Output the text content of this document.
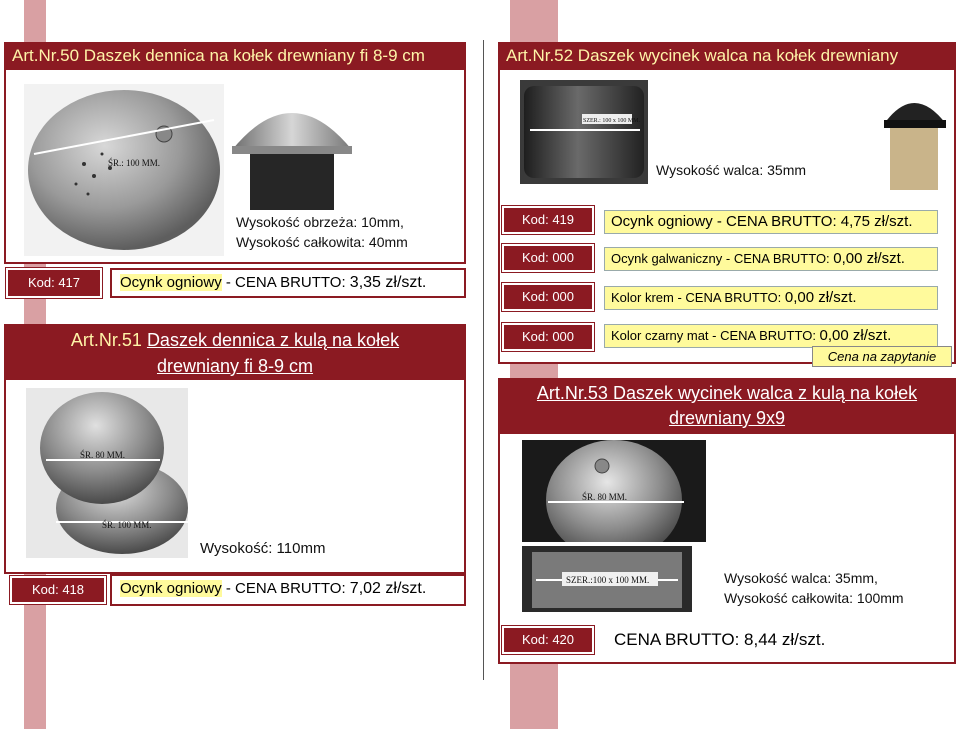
Art.Nr.50 Daszek dennica na kołek drewniany fi 8-9 cm
ŚR.: 100 MM.
Wysokość obrzeża: 10mm,
Wysokość całkowita: 40mm
Kod: 417	Ocynk ogniowy - CENA BRUTTO: 3,35 zł/szt.
Art.Nr.51 Daszek dennica z kulą na kołek
drewniany fi 8-9 cm
ŚR. 80 MM.
ŚR. 100 MM.
Wysokość: 110mm
Kod: 418	Ocynk ogniowy - CENA BRUTTO: 7,02 zł/szt.
Art.Nr.52 Daszek wycinek walca na kołek drewniany
SZER.: 100 x 100 MM.
Wysokość walca: 35mm
Kod: 419	Ocynk ogniowy - CENA BRUTTO: 4,75 zł/szt.
Kod: 000	Ocynk galwaniczny - CENA BRUTTO: 0,00 zł/szt.
Kod: 000	Kolor krem - CENA BRUTTO: 0,00 zł/szt.
Kod: 000	Kolor czarny mat - CENA BRUTTO: 0,00 zł/szt.
Cena na zapytanie
Art.Nr.53 Daszek wycinek walca z kulą na kołek
drewniany 9x9
ŚR. 80 MM.
SZER.:100 x 100 MM.	Wysokość walca: 35mm,
Wysokość całkowita: 100mm
Kod: 420	CENA BRUTTO: 8,44 zł/szt.
